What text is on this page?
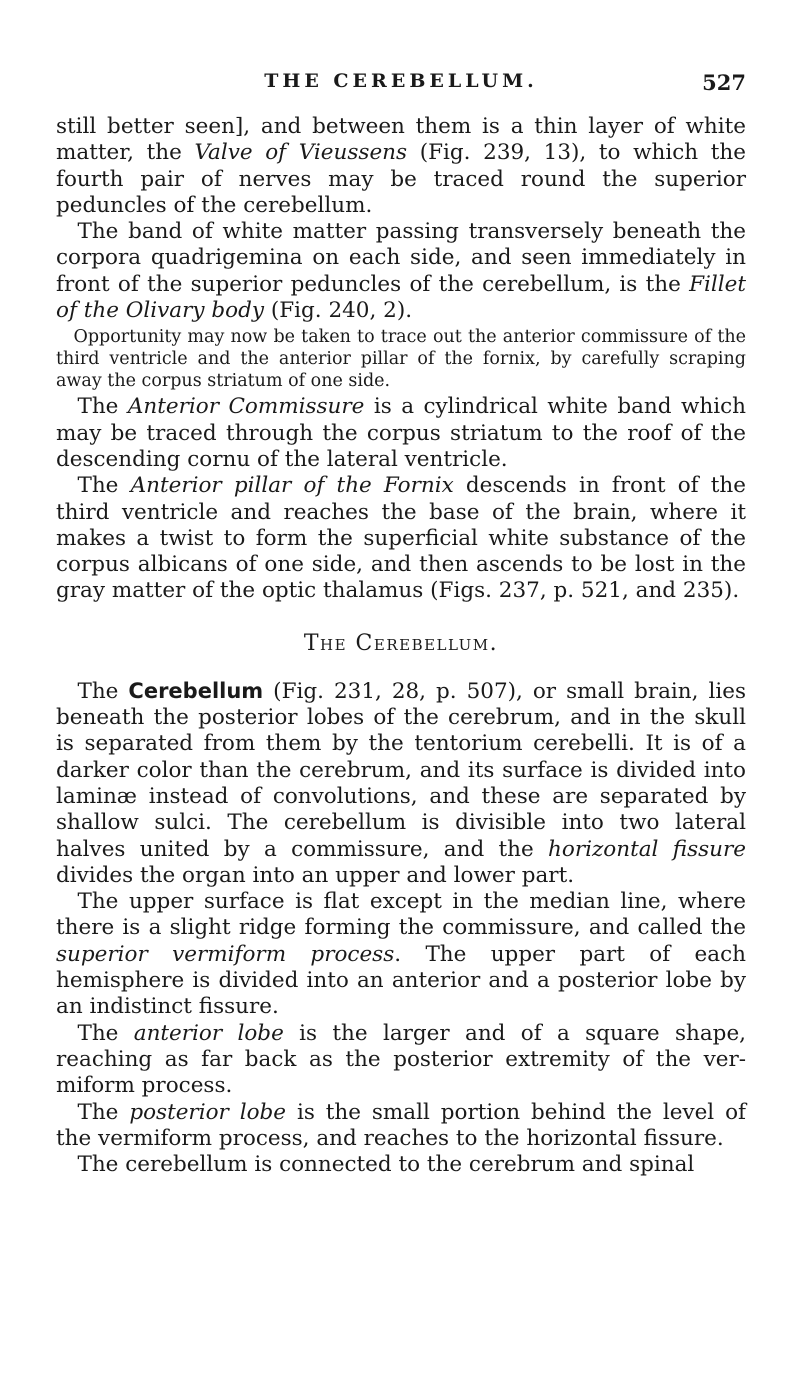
THE CEREBELLUM.	527

still better seen], and between them is a thin layer of white matter, the Valve of Vieussens (Fig. 239, 13), to which the fourth pair of nerves may be traced round the superior peduncles of the cerebellum.

 The band of white matter passing transversely beneath the corpora quadrigemina on each side, and seen immediately in front of the superior peduncles of the cerebellum, is the Fillet of the Olivary body (Fig. 240, 2).

 Opportunity may now be taken to trace out the anterior commissure of the third ventricle and the anterior pillar of the fornix, by carefully scraping away the corpus striatum of one side.

 The Anterior Commissure is a cylindrical white band which may be traced through the corpus striatum to the roof of the descending cornu of the lateral ventricle.

 The Anterior pillar of the Fornix descends in front of the third ventricle and reaches the base of the brain, where it makes a twist to form the superficial white substance of the corpus albicans of one side, and then ascends to be lost in the gray matter of the optic thalamus (Figs. 237, p. 521, and 235).

The Cerebellum.

 The Cerebellum (Fig. 231, 28, p. 507), or small brain, lies beneath the posterior lobes of the cerebrum, and in the skull is separated from them by the tentorium cerebelli. It is of a darker color than the cerebrum, and its surface is divided into laminæ instead of convolutions, and these are separated by shallow sulci. The cerebellum is divisible into two lateral halves united by a commissure, and the horizontal fissure divides the organ into an upper and lower part.

 The upper surface is flat except in the median line, where there is a slight ridge forming the commissure, and called the superior vermiform process. The upper part of each hemisphere is divided into an anterior and a posterior lobe by an indistinct fissure.

 The anterior lobe is the larger and of a square shape, reaching as far back as the posterior extremity of the vermiform process.

 The posterior lobe is the small portion behind the level of the vermiform process, and reaches to the horizontal fissure.

 The cerebellum is connected to the cerebrum and spinal
